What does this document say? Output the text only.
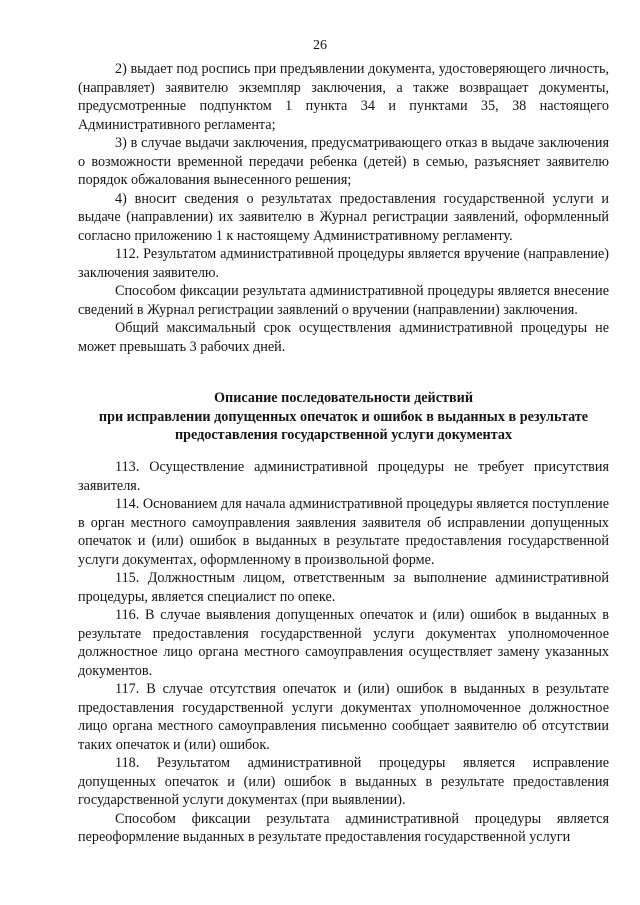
26

2) выдает под роспись при предъявлении документа, удостоверяющего личность, (направляет) заявителю экземпляр заключения, а также возвращает документы, предусмотренные подпунктом 1 пункта 34 и пунктами 35, 38 настоящего Административного регламента;

3) в случае выдачи заключения, предусматривающего отказ в выдаче заключения о возможности временной передачи ребенка (детей) в семью, разъясняет заявителю порядок обжалования вынесенного решения;

4) вносит сведения о результатах предоставления государственной услуги и выдаче (направлении) их заявителю в Журнал регистрации заявлений, оформленный согласно приложению 1 к настоящему Административному регламенту.

112. Результатом административной процедуры является вручение (направление) заключения заявителю.

Способом фиксации результата административной процедуры является внесение сведений в Журнал регистрации заявлений о вручении (направлении) заключения.

Общий максимальный срок осуществления административной процедуры не может превышать 3 рабочих дней.

Описание последовательности действий
при исправлении допущенных опечаток и ошибок в выданных в результате
предоставления государственной услуги документах

113. Осуществление административной процедуры не требует присутствия заявителя.

114. Основанием для начала административной процедуры является поступление в орган местного самоуправления заявления заявителя об исправлении допущенных опечаток и (или) ошибок в выданных в результате предоставления государственной услуги документах, оформленному в произвольной форме.

115. Должностным лицом, ответственным за выполнение административной процедуры, является специалист по опеке.

116. В случае выявления допущенных опечаток и (или) ошибок в выданных в результате предоставления государственной услуги документах уполномоченное должностное лицо органа местного самоуправления осуществляет замену указанных документов.

117. В случае отсутствия опечаток и (или) ошибок в выданных в результате предоставления государственной услуги документах уполномоченное должностное лицо органа местного самоуправления письменно сообщает заявителю об отсутствии таких опечаток и (или) ошибок.

118. Результатом административной процедуры является исправление допущенных опечаток и (или) ошибок в выданных в результате предоставления государственной услуги документах (при выявлении).

Способом фиксации результата административной процедуры является переоформление выданных в результате предоставления государственной услуги
